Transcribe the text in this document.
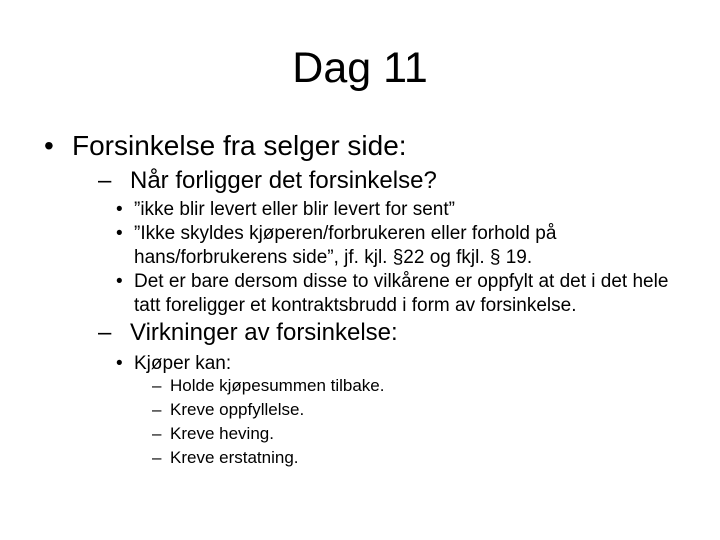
Dag 11
• Forsinkelse fra selger side:
– Når forligger det forsinkelse?
• ”ikke blir levert eller blir levert for sent”
• ”Ikke skyldes kjøperen/forbrukeren eller forhold på hans/forbrukerens side”, jf. kjl. §22 og fkjl. § 19.
• Det er bare dersom disse to vilkårene er oppfylt at det i det hele tatt foreligger et kontraktsbrudd i form av forsinkelse.
– Virkninger av forsinkelse:
• Kjøper kan:
– Holde kjøpesummen tilbake.
– Kreve oppfyllelse.
– Kreve heving.
– Kreve erstatning.
